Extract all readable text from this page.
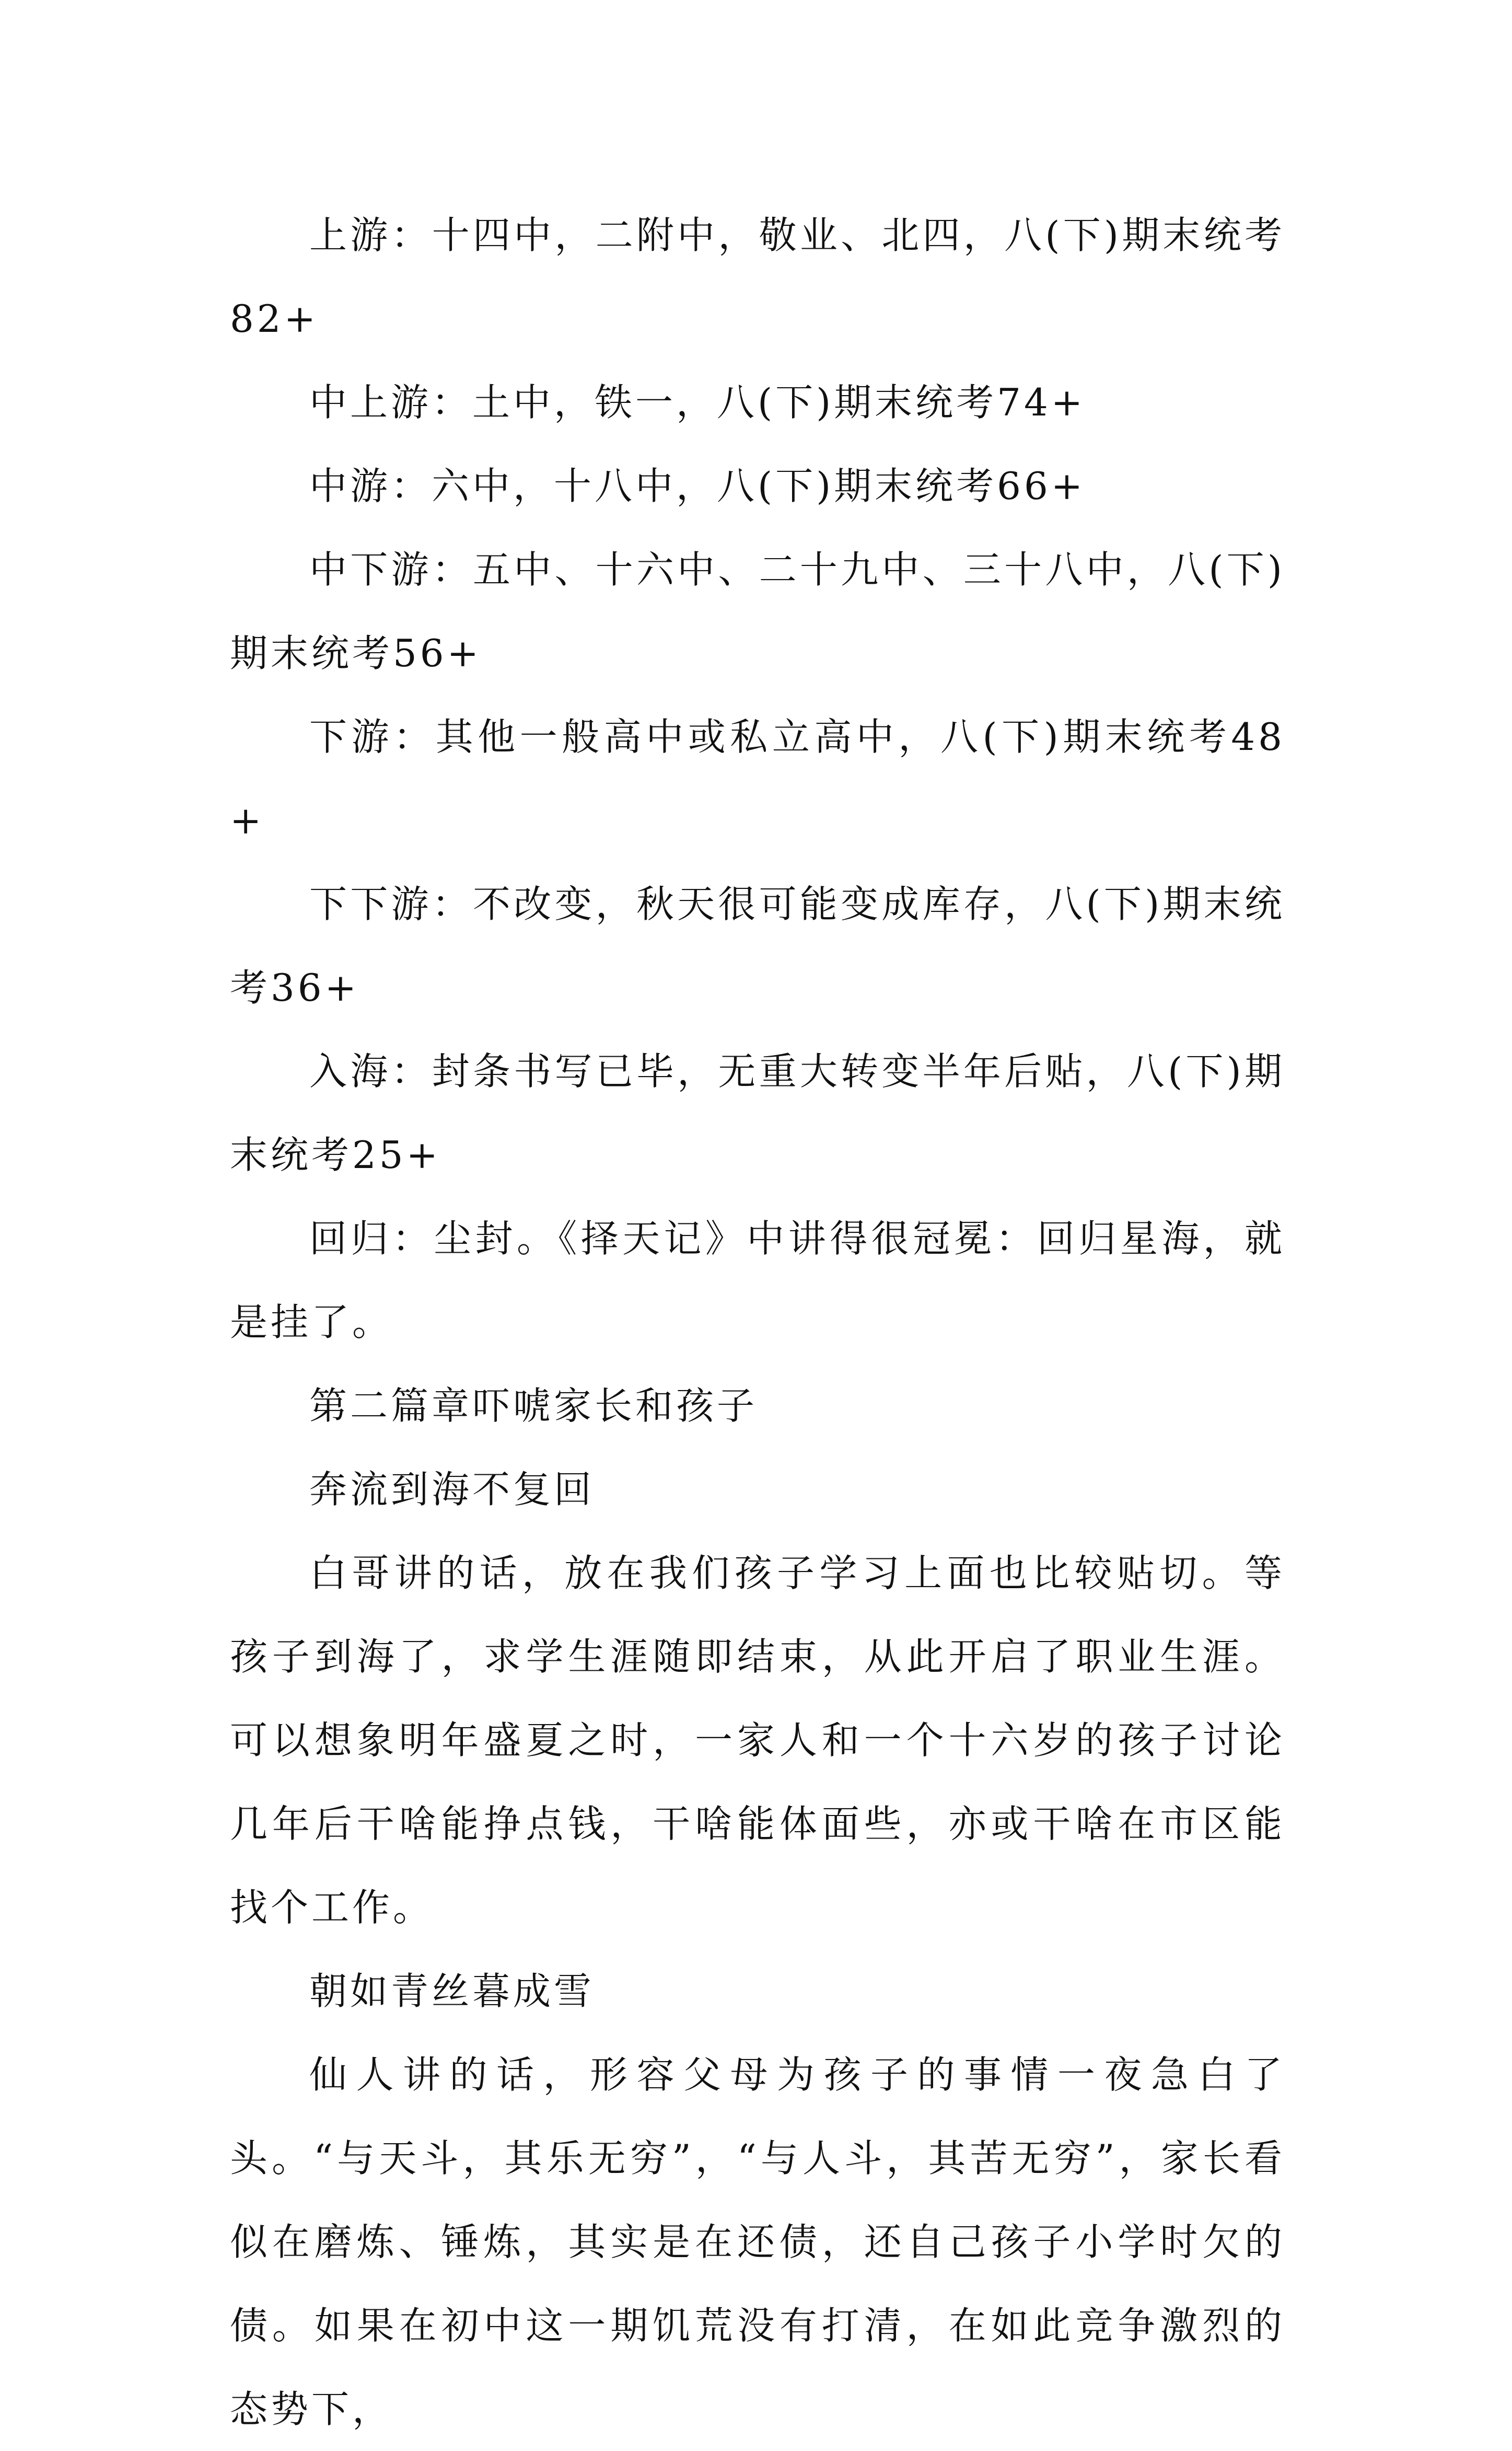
上游：十四中，二附中，敬业、北四，八(下)期末统考82+

中上游：土中，铁一，八(下)期末统考74+

中游：六中，十八中，八(下)期末统考66+

中下游：五中、十六中、二十九中、三十八中，八(下)期末统考56+

下游：其他一般高中或私立高中，八(下)期末统考48+

下下游：不改变，秋天很可能变成库存，八(下)期末统考36+

入海：封条书写已毕，无重大转变半年后贴，八(下)期末统考25+

回归：尘封。《择天记》中讲得很冠冕：回归星海，就是挂了。

第二篇章吓唬家长和孩子

奔流到海不复回

白哥讲的话，放在我们孩子学习上面也比较贴切。等孩子到海了，求学生涯随即结束，从此开启了职业生涯。可以想象明年盛夏之时，一家人和一个十六岁的孩子讨论几年后干啥能挣点钱，干啥能体面些，亦或干啥在市区能找个工作。

朝如青丝暮成雪

仙人讲的话，形容父母为孩子的事情一夜急白了头。“与天斗，其乐无穷”，“与人斗，其苦无穷”，家长看似在磨炼、锤炼，其实是在还债，还自己孩子小学时欠的债。如果在初中这一期饥荒没有打清，在如此竞争激烈的态势下，
